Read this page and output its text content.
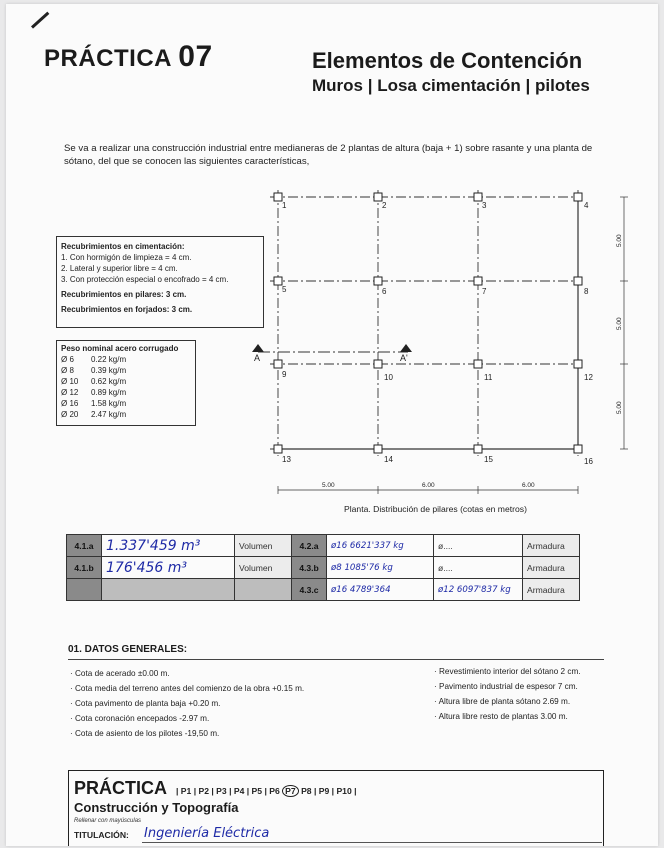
PRÁCTICA 07	Elementos de Contención
Muros | Losa cimentación | pilotes
Se va a realizar una construcción industrial entre medianeras de 2 plantas de altura (baja + 1) sobre rasante y una planta de sótano, del que se conocen las siguientes características,
Recubrimientos en cimentación:
1. Con hormigón de limpieza = 4 cm.
2. Lateral y superior libre = 4 cm.
3. Con protección especial o encofrado = 4 cm.
Recubrimientos en pilares: 3 cm.
Recubrimientos en forjados: 3 cm.
Peso nominal acero corrugado
Ø 6	0.22 kg/m
Ø 8	0.39 kg/m
Ø 10	0.62 kg/m
Ø 12	0.89 kg/m
Ø 16	1.58 kg/m
Ø 20	2.47 kg/m
A	A'
1	2	3	4
5	6	7	8
9	10	11	12
13	14	15	16
5.00	6.00	6.00
5.00
5.00
5.00
Planta. Distribución de pilares (cotas en metros)
4.1.a	1.337'459 m³	Volumen	4.2.a	ø16 6621'337 kg	ø....	Armadura
4.1.b	176'456 m³	Volumen	4.3.b	ø8 1085'76 kg	ø....	Armadura
			4.3.c	ø16 4789'364	ø12 6097'837 kg	Armadura
01. DATOS GENERALES:
· Cota de acerado ±0.00 m.
· Cota media del terreno antes del comienzo de la obra +0.15 m.
· Cota pavimento de planta baja +0.20 m.
· Cota coronación encepados -2.97 m.
· Cota de asiento de los pilotes -19,50 m.
· Revestimiento interior del sótano 2 cm.
· Pavimento industrial de espesor 7 cm.
· Altura libre de planta sótano 2.69 m.
· Altura libre resto de plantas 3.00 m.
PRÁCTICA | P1 | P2 | P3 | P4 | P5 | P6 P7 P8 | P9 | P10 |
Construcción y Topografía
Rellenar con mayúsculas
TITULACIÓN: Ingeniería Eléctrica
